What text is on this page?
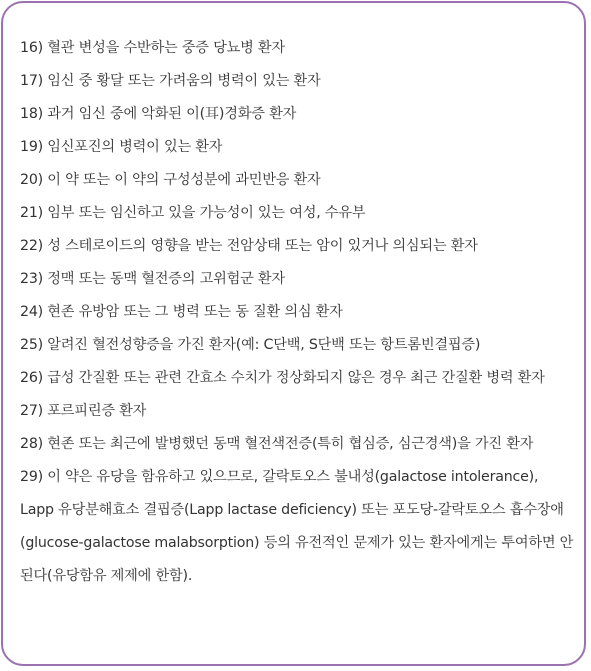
16) 혈관 변성을 수반하는 중증 당뇨병 환자
17) 임신 중 황달 또는 가려움의 병력이 있는 환자
18) 과거 임신 중에 악화된 이(耳)경화증 환자
19) 임신포진의 병력이 있는 환자
20) 이 약 또는 이 약의 구성성분에 과민반응 환자
21) 임부 또는 임신하고 있을 가능성이 있는 여성, 수유부
22) 성 스테로이드의 영향을 받는 전암상태 또는 암이 있거나 의심되는 환자
23) 정맥 또는 동맥 혈전증의 고위험군 환자
24) 현존 유방암 또는 그 병력 또는 동 질환 의심 환자
25) 알려진 혈전성향증을 가진 환자(예: C단백, S단백 또는 항트롬빈결핍증)
26) 급성 간질환 또는 관련 간효소 수치가 정상화되지 않은 경우 최근 간질환 병력 환자
27) 포르피린증 환자
28) 현존 또는 최근에 발병했던 동맥 혈전색전증(특히 협심증, 심근경색)을 가진 환자
29) 이 약은 유당을 함유하고 있으므로, 갈락토오스 불내성(galactose intolerance), Lapp 유당분해효소 결핍증(Lapp lactase deficiency) 또는 포도당-갈락토오스 흡수장애(glucose-galactose malabsorption) 등의 유전적인 문제가 있는 환자에게는 투여하면 안 된다(유당함유 제제에 한함).
